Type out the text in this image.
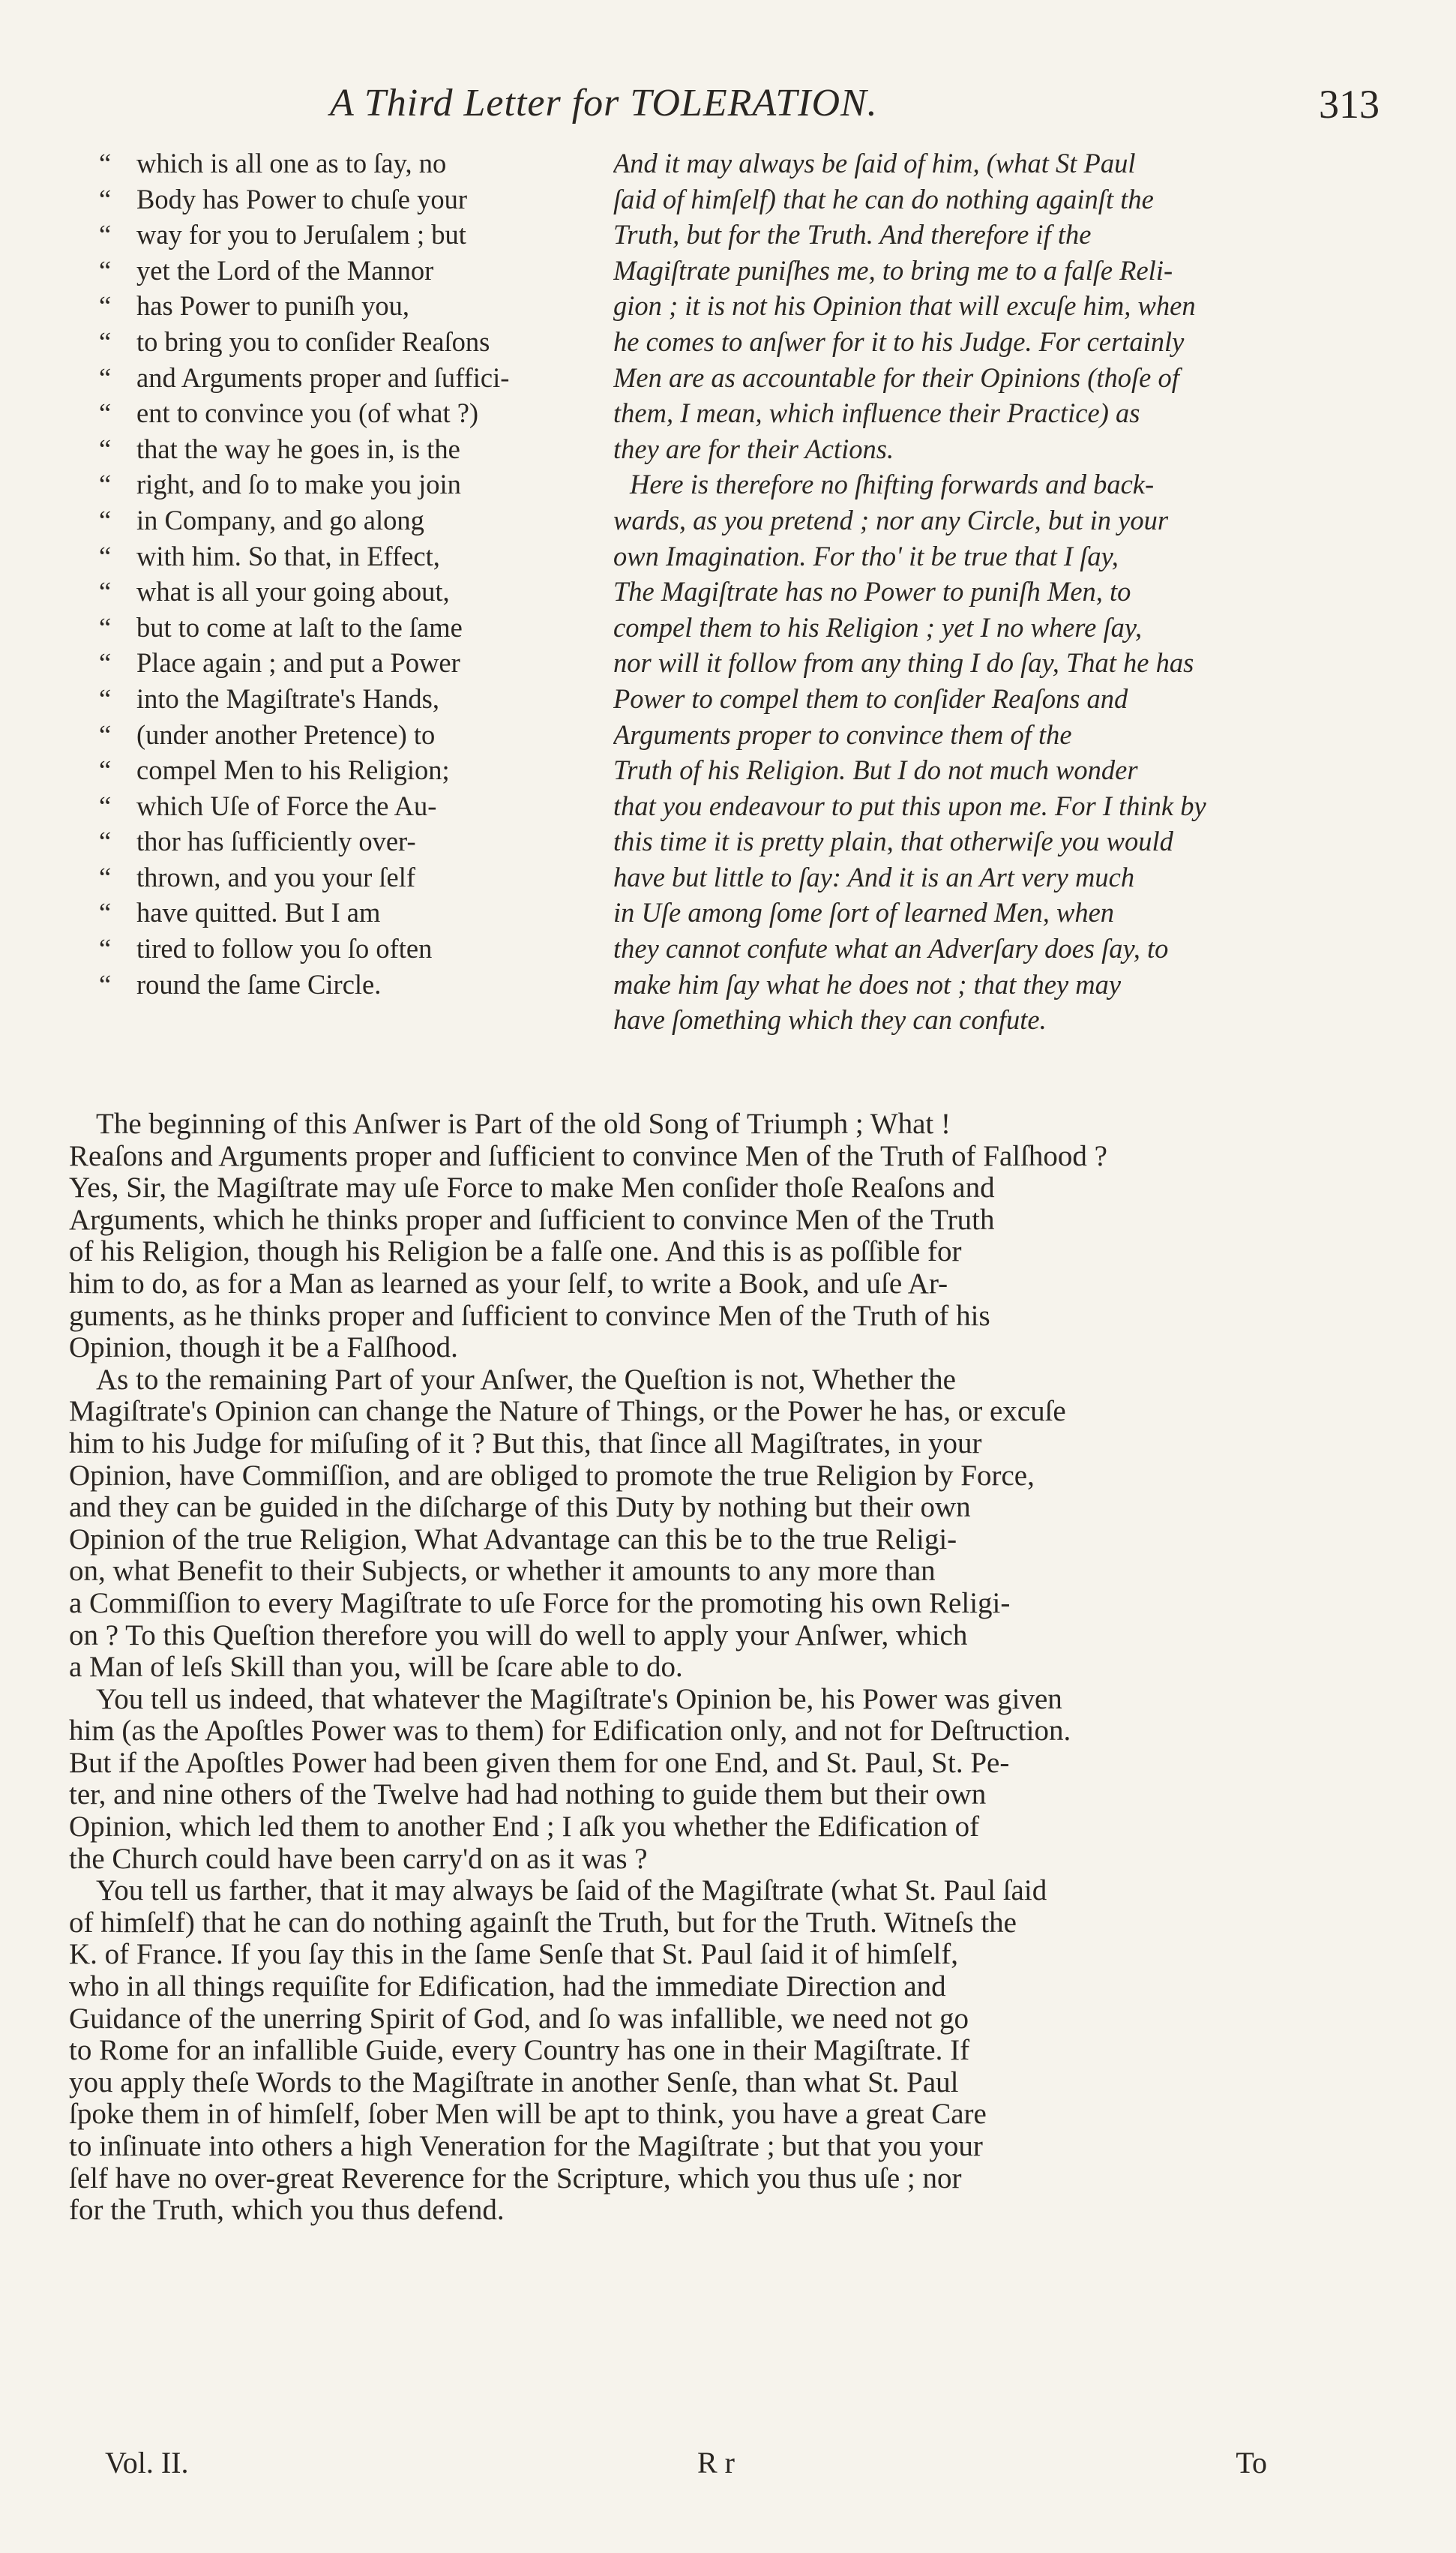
A Third Letter for TOLERATION.	313
“ which is all one as to ſay, no
“ Body has Power to chuſe your
“ way for you to Jeruſalem ; but
“ yet the Lord of the Mannor
“ has Power to puniſh you,
“ to bring you to conſider Reaſons
“ and Arguments proper and ſuffici-
“ ent to convince you (of what ?)
“ that the way he goes in, is the
“ right, and ſo to make you join
“ in Company, and go along
“ with him. So that, in Effect,
“ what is all your going about,
“ but to come at laſt to the ſame
“ Place again ; and put a Power
“ into the Magiſtrate's Hands,
“ (under another Pretence) to
“ compel Men to his Religion;
“ which Uſe of Force the Au-
“ thor has ſufficiently over-
“ thrown, and you your ſelf
“ have quitted. But I am
“ tired to follow you ſo often
“ round the ſame Circle.
And it may always be ſaid of him, (what St Paul
ſaid of himſelf) that he can do nothing againſt the
Truth, but for the Truth. And therefore if the
Magiſtrate puniſhes me, to bring me to a falſe Reli-
gion ; it is not his Opinion that will excuſe him, when
he comes to anſwer for it to his Judge. For certainly
Men are as accountable for their Opinions (thoſe of
them, I mean, which influence their Practice) as
they are for their Actions.
Here is therefore no ſhifting forwards and back-
wards, as you pretend ; nor any Circle, but in your
own Imagination. For tho' it be true that I ſay,
The Magiſtrate has no Power to puniſh Men, to
compel them to his Religion ; yet I no where ſay,
nor will it follow from any thing I do ſay, That he has
Power to compel them to conſider Reaſons and
Arguments proper to convince them of the
Truth of his Religion. But I do not much wonder
that you endeavour to put this upon me. For I think by
this time it is pretty plain, that otherwiſe you would
have but little to ſay: And it is an Art very much
in Uſe among ſome ſort of learned Men, when
they cannot confute what an Adverſary does ſay, to
make him ſay what he does not ; that they may
have ſomething which they can confute.
The beginning of this Anſwer is Part of the old Song of Triumph ; What !
Reaſons and Arguments proper and ſufficient to convince Men of the Truth of Falſhood ?
Yes, Sir, the Magiſtrate may uſe Force to make Men conſider thoſe Reaſons and
Arguments, which he thinks proper and ſufficient to convince Men of the Truth
of his Religion, though his Religion be a falſe one. And this is as poſſible for
him to do, as for a Man as learned as your ſelf, to write a Book, and uſe Ar-
guments, as he thinks proper and ſufficient to convince Men of the Truth of his
Opinion, though it be a Falſhood.
As to the remaining Part of your Anſwer, the Queſtion is not, Whether the
Magiſtrate's Opinion can change the Nature of Things, or the Power he has, or excuſe
him to his Judge for miſuſing of it ? But this, that ſince all Magiſtrates, in your
Opinion, have Commiſſion, and are obliged to promote the true Religion by Force,
and they can be guided in the diſcharge of this Duty by nothing but their own
Opinion of the true Religion, What Advantage can this be to the true Religi-
on, what Benefit to their Subjects, or whether it amounts to any more than
a Commiſſion to every Magiſtrate to uſe Force for the promoting his own Religi-
on ? To this Queſtion therefore you will do well to apply your Anſwer, which
a Man of leſs Skill than you, will be ſcare able to do.
You tell us indeed, that whatever the Magiſtrate's Opinion be, his Power was given
him (as the Apoſtles Power was to them) for Edification only, and not for Deſtruction.
But if the Apoſtles Power had been given them for one End, and St. Paul, St. Pe-
ter, and nine others of the Twelve had had nothing to guide them but their own
Opinion, which led them to another End ; I aſk you whether the Edification of
the Church could have been carry'd on as it was ?
You tell us farther, that it may always be ſaid of the Magiſtrate (what St. Paul ſaid
of himſelf) that he can do nothing againſt the Truth, but for the Truth. Witneſs the
K. of France. If you ſay this in the ſame Senſe that St. Paul ſaid it of himſelf,
who in all things requiſite for Edification, had the immediate Direction and
Guidance of the unerring Spirit of God, and ſo was infallible, we need not go
to Rome for an infallible Guide, every Country has one in their Magiſtrate. If
you apply theſe Words to the Magiſtrate in another Senſe, than what St. Paul
ſpoke them in of himſelf, ſober Men will be apt to think, you have a great Care
to inſinuate into others a high Veneration for the Magiſtrate ; but that you your
ſelf have no over-great Reverence for the Scripture, which you thus uſe ; nor
for the Truth, which you thus defend.
Vol. II.	R r	To
